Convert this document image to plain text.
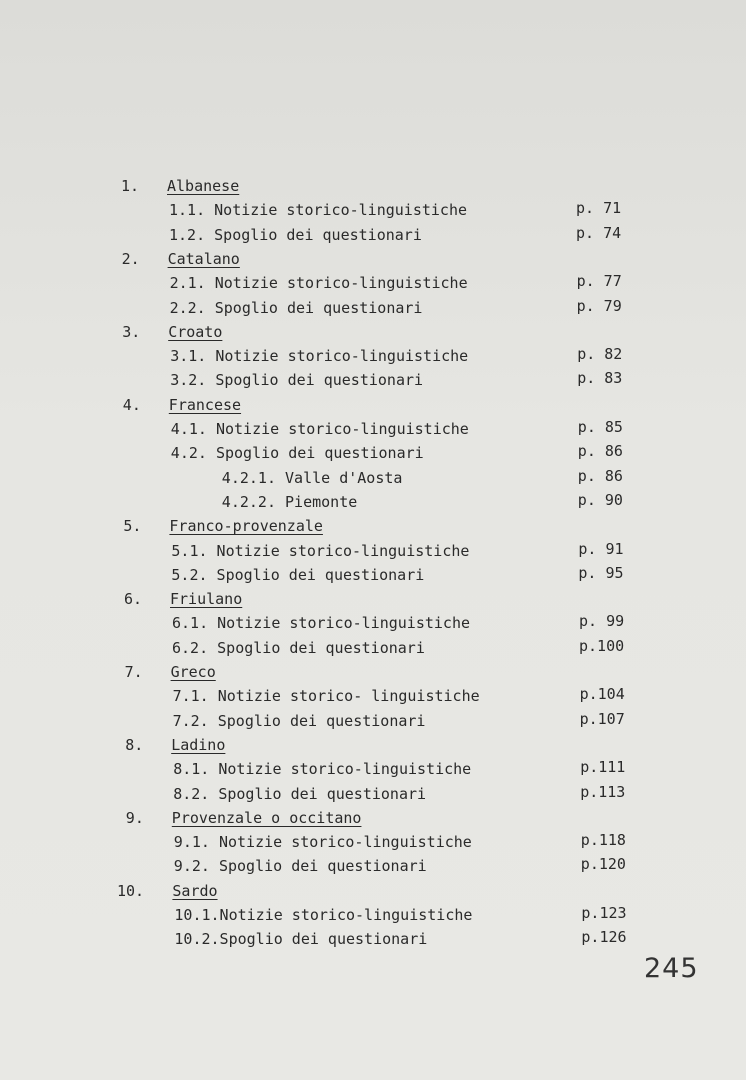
1. Albanese
1.1. Notizie storico-linguistiche	p. 71
1.2. Spoglio dei questionari	p. 74
2. Catalano
2.1. Notizie storico-linguistiche	p. 77
2.2. Spoglio dei questionari	p. 79
3. Croato
3.1. Notizie storico-linguistiche	p. 82
3.2. Spoglio dei questionari	p. 83
4. Francese
4.1. Notizie storico-linguistiche	p. 85
4.2. Spoglio dei questionari	p. 86
4.2.1. Valle d'Aosta	p. 86
4.2.2. Piemonte	p. 90
5. Franco-provenzale
5.1. Notizie storico-linguistiche	p. 91
5.2. Spoglio dei questionari	p. 95
6. Friulano
6.1. Notizie storico-linguistiche	p. 99
6.2. Spoglio dei questionari	p.100
7. Greco
7.1. Notizie storico- linguistiche	p.104
7.2. Spoglio dei questionari	p.107
8. Ladino
8.1. Notizie storico-linguistiche	p.111
8.2. Spoglio dei questionari	p.113
9. Provenzale o occitano
9.1. Notizie storico-linguistiche	p.118
9.2. Spoglio dei questionari	p.120
10. Sardo
10.1.Notizie storico-linguistiche	p.123
10.2.Spoglio dei questionari	p.126
245
